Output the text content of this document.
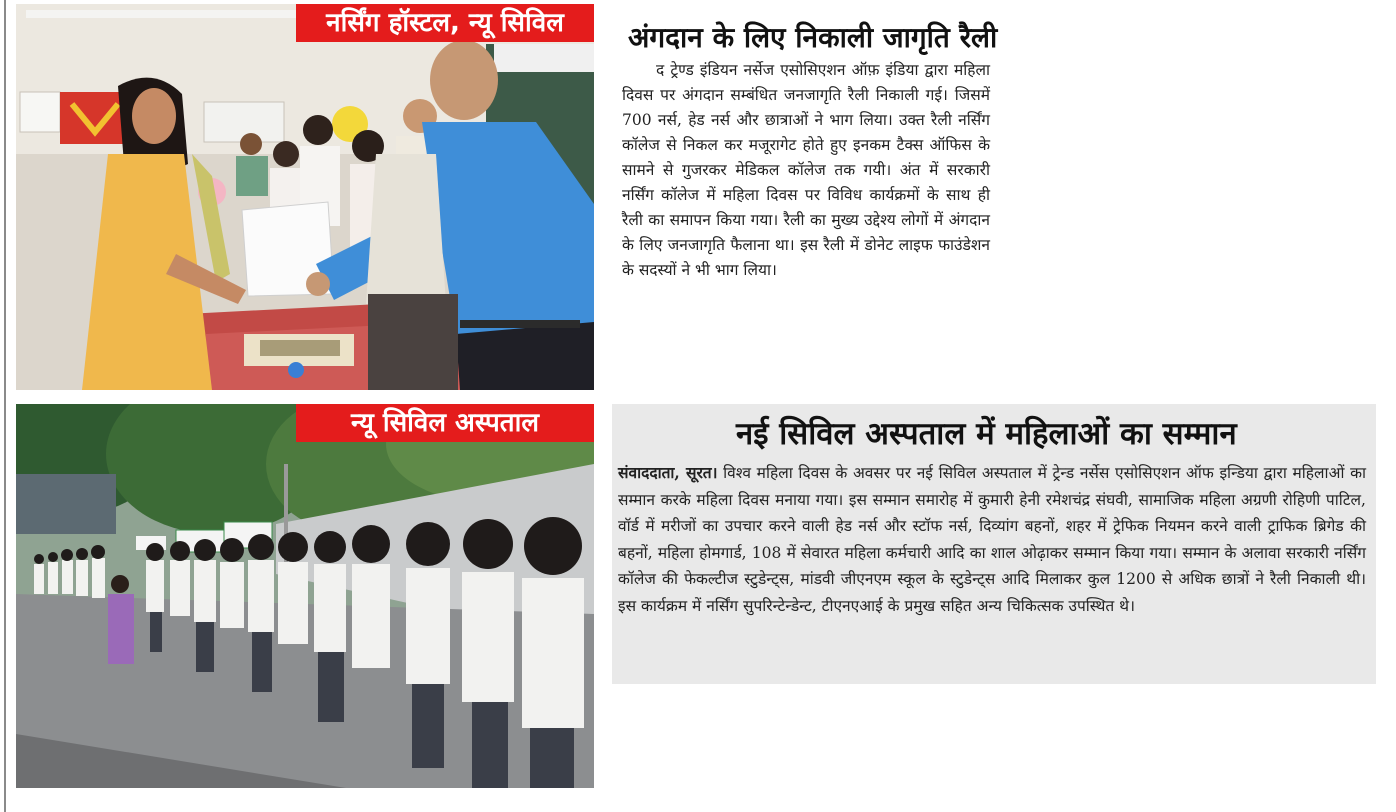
नर्सिंग हॉस्टल, न्यू सिविल	अंगदान के लिए निकाली जागृति रैली
द ट्रेण्ड इंडियन नर्सेज एसोसिएशन ऑफ़ इंडिया द्वारा महिला दिवस पर अंगदान सम्बंधित जनजागृति रैली निकाली गई। जिसमें 700 नर्स, हेड नर्स और छात्राओं ने भाग लिया। उक्त रैली नर्सिंग कॉलेज से निकल कर मजूरागेट होते हुए इनकम टैक्स ऑफिस के सामने से गुजरकर मेडिकल कॉलेज तक गयी। अंत में सरकारी नर्सिंग कॉलेज में महिला दिवस पर विविध कार्यक्रमों के साथ ही रैली का समापन किया गया। रैली का मुख्य उद्देश्य लोगों में अंगदान के लिए जनजागृति फैलाना था। इस रैली में डोनेट लाइफ फाउंडेशन के सदस्यों ने भी भाग लिया।
न्यू सिविल अस्पताल	नई सिविल अस्पताल में महिलाओं का सम्मान
संवाददाता, सूरत। विश्व महिला दिवस के अवसर पर नई सिविल अस्पताल में ट्रेन्ड नर्सेस एसोसिएशन ऑफ इन्डिया द्वारा महिलाओं का सम्मान करके महिला दिवस मनाया गया। इस सम्मान समारोह में कुमारी हेनी रमेशचंद्र संघवी, सामाजिक महिला अग्रणी रोहिणी पाटिल, वॉर्ड में मरीजों का उपचार करने वाली हेड नर्स और स्टॉफ नर्स, दिव्यांग बहनों, शहर में ट्रेफिक नियमन करने वाली ट्राफिक ब्रिगेड की बहनों, महिला होमगार्ड, 108 में सेवारत महिला कर्मचारी आदि का शाल ओढ़ाकर सम्मान किया गया। सम्मान के अलावा सरकारी नर्सिंग कॉलेज की फेकल्टीज स्टुडेन्ट्स, मांडवी जीएनएम स्कूल के स्टुडेन्ट्स आदि मिलाकर कुल 1200 से अधिक छात्रों ने रैली निकाली थी। इस कार्यक्रम में नर्सिंग सुपरिन्टेन्डेन्ट, टीएनएआई के प्रमुख सहित अन्य चिकित्सक उपस्थित थे।
